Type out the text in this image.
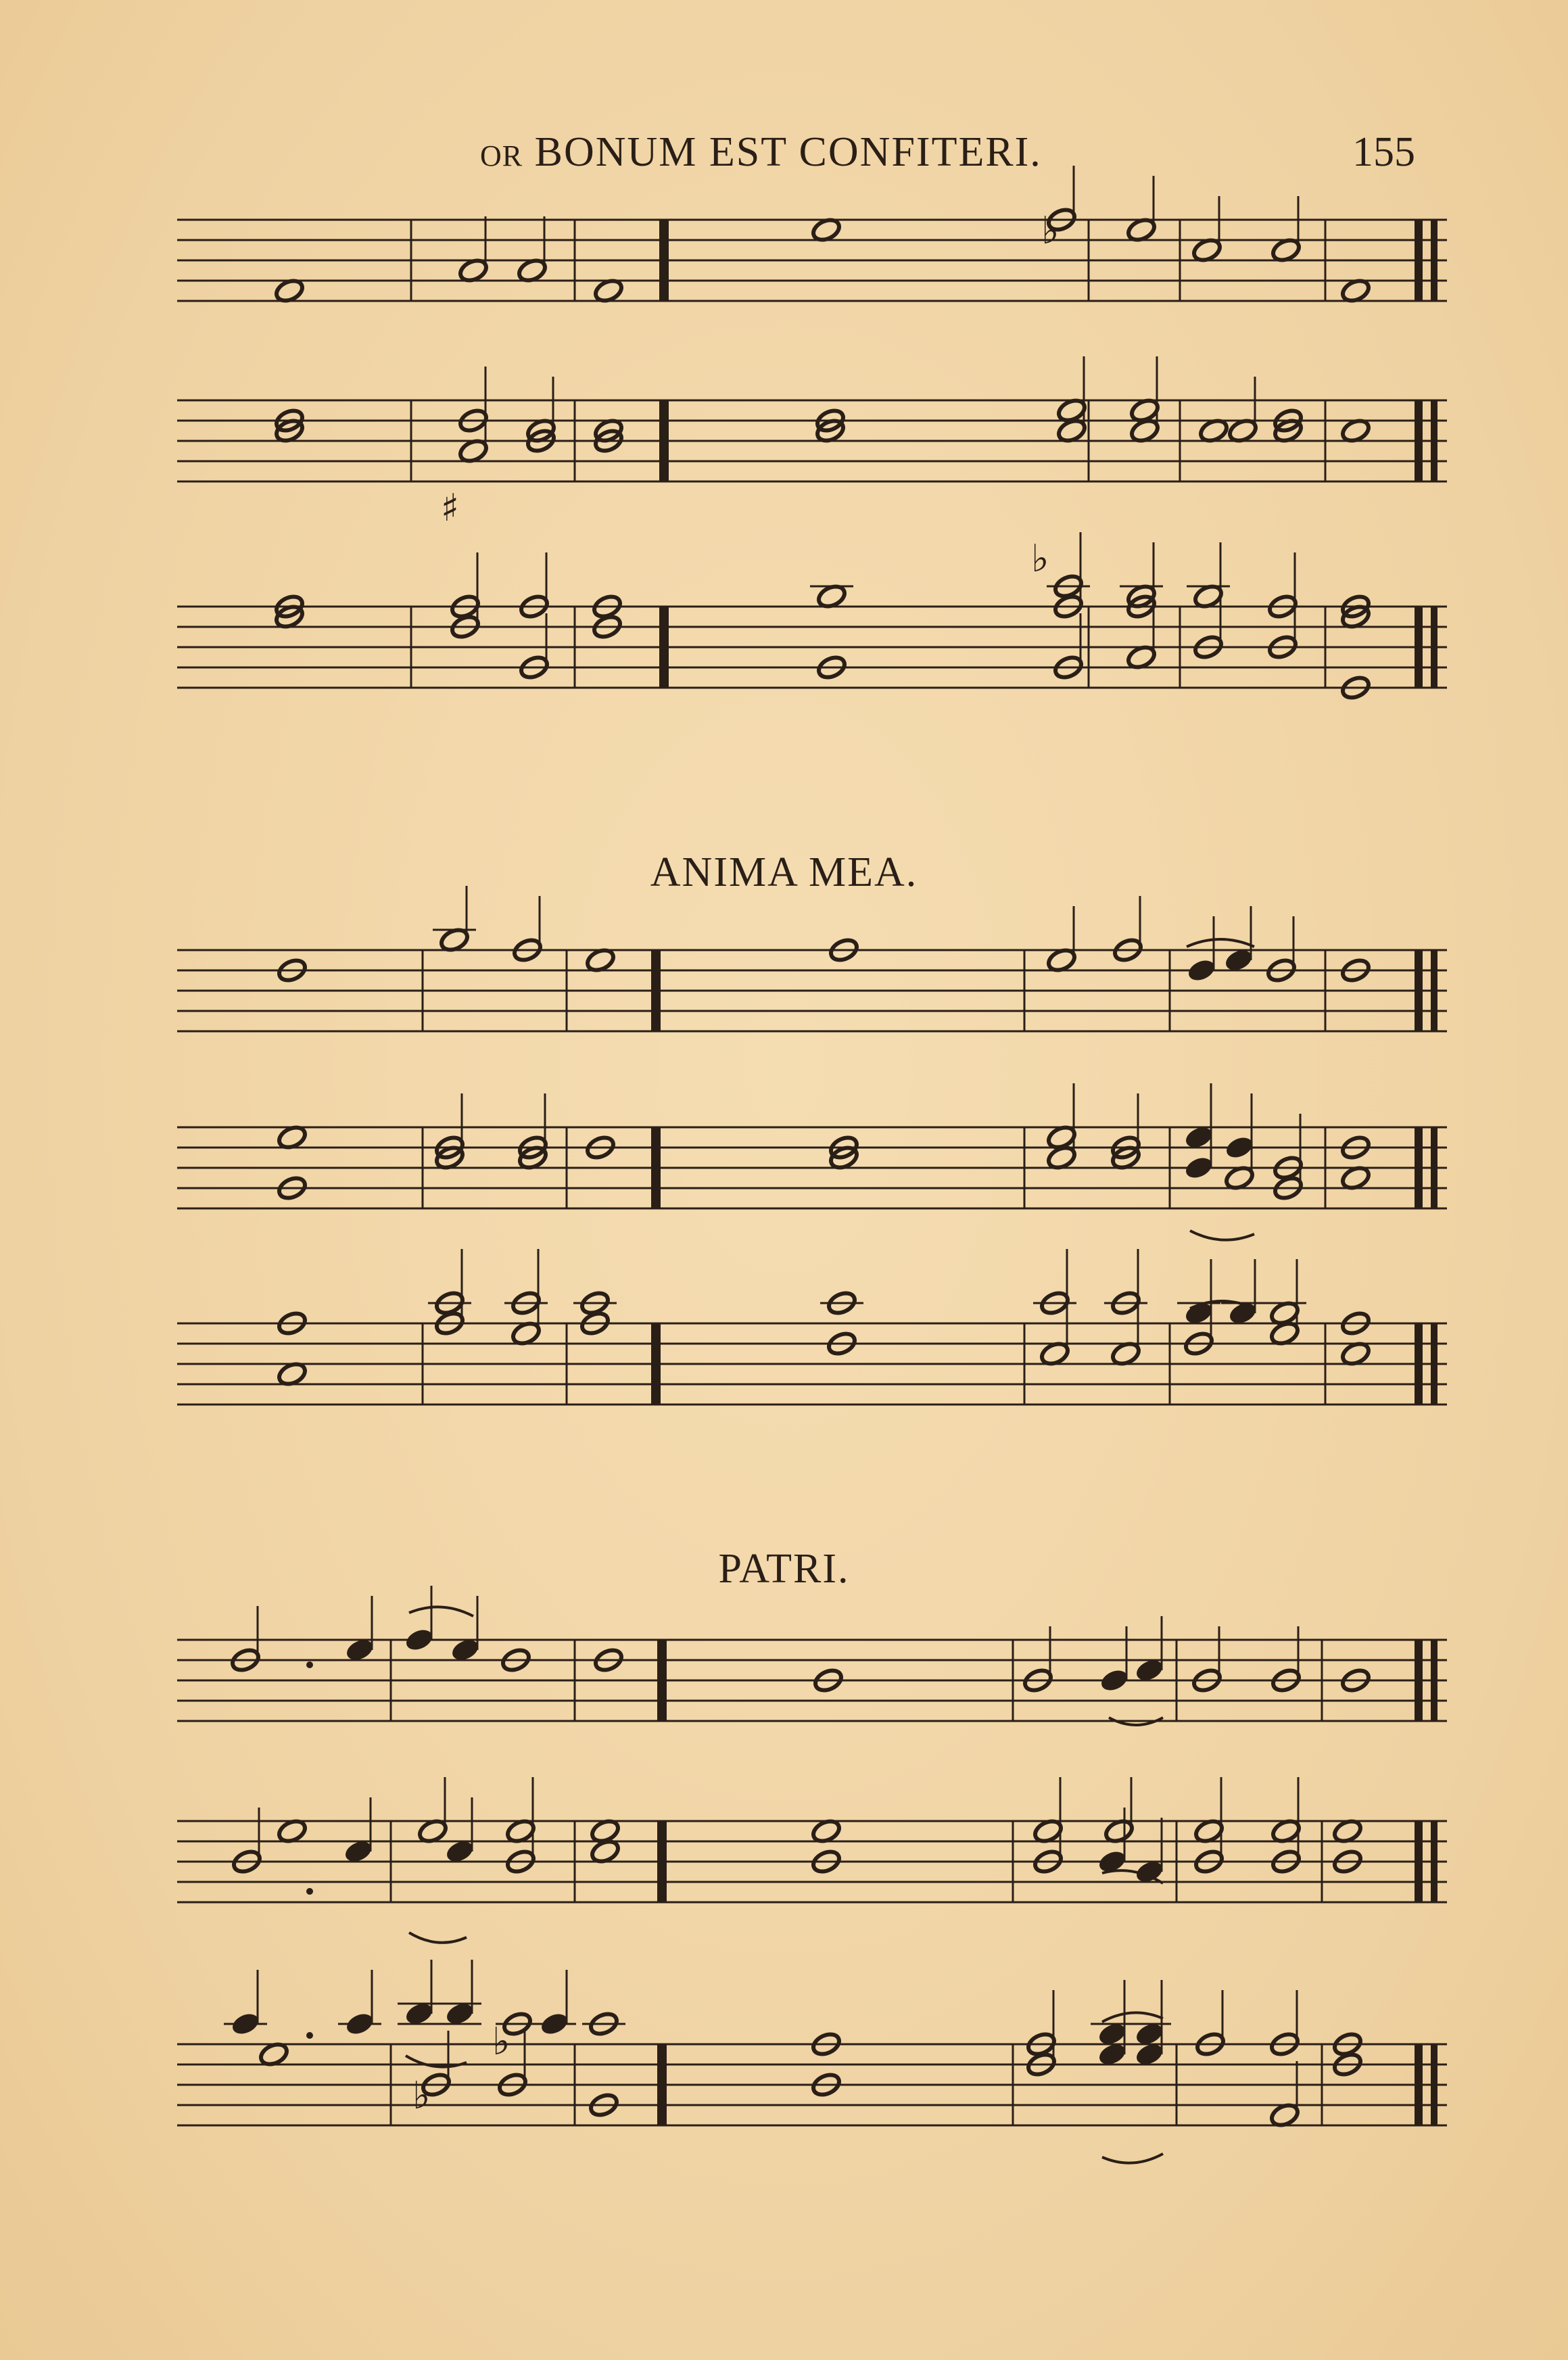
OR BONUM EST CONFITERI.	155
ANIMA MEA.
PATRI.
♭
♯
♭
♭
♭
